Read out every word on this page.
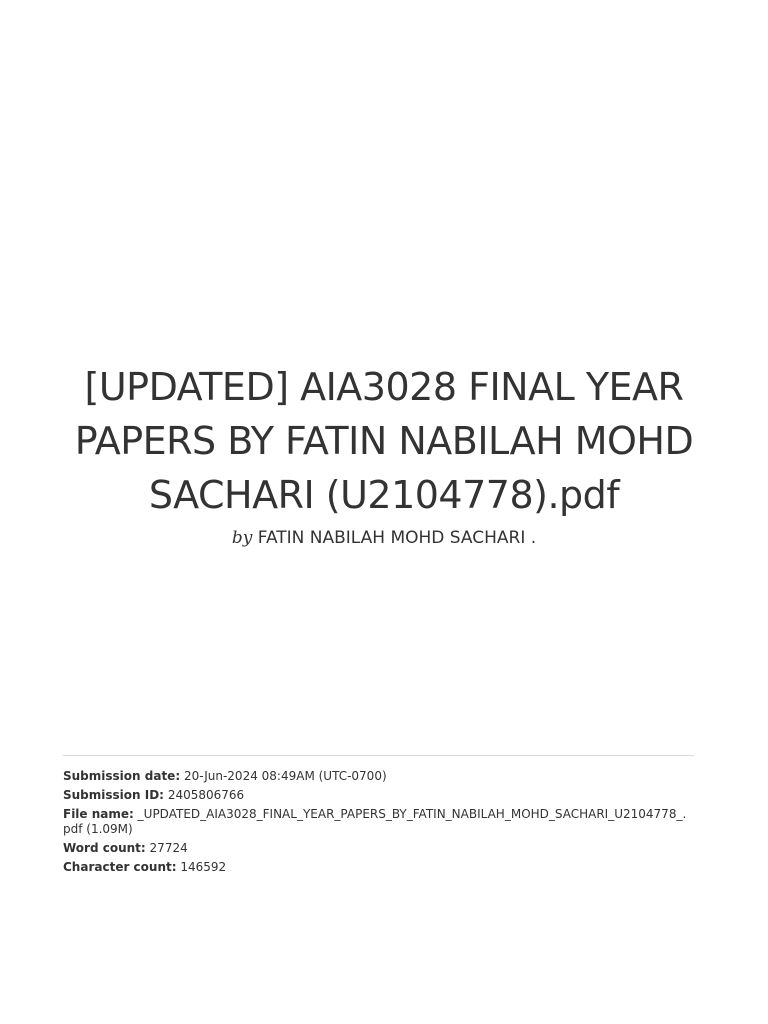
[UPDATED] AIA3028 FINAL YEAR PAPERS BY FATIN NABILAH MOHD SACHARI (U2104778).pdf
by FATIN NABILAH MOHD SACHARI .
Submission date: 20-Jun-2024 08:49AM (UTC-0700)
Submission ID: 2405806766
File name: _UPDATED_AIA3028_FINAL_YEAR_PAPERS_BY_FATIN_NABILAH_MOHD_SACHARI_U2104778_.pdf (1.09M)
Word count: 27724
Character count: 146592
